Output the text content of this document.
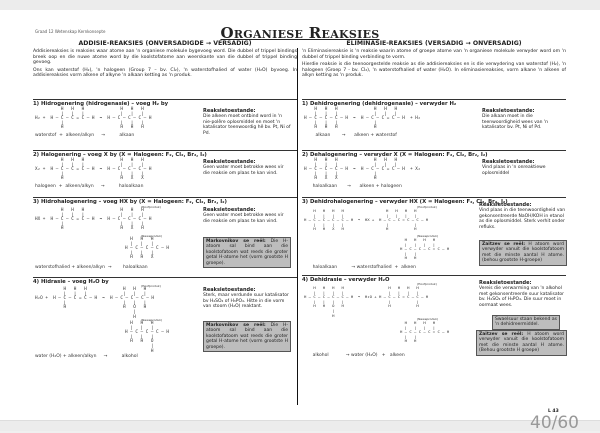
Graad 12 Wetenskap Kernkonsepte	Organiese Reaksies
ADDISIE-REAKSIES (ONVERSADIGDE → VERSADIG)

Addisiereaksies is reaksies waar atome aan 'n organiese molekule bygevoeg word. Die dubbel of trippel bindings breek oop en die nuwe atome word by die koolstofatome aan weerskante van die dubbel of trippel binding gevoeg.

Ons kan waterstof (H₂), 'n halogeen (Group 7 – bv. Cl₂), 'n waterstofhalied of water (H₂O) byvoeg. In addisiereaksies vorm alkene of alkyne 'n alkaan ketting as 'n produk.

1) Hidrogenering (hidrogenasie) – voeg H₂ by
H   H   H              H   H   H
|   |   |              |   |   |
H₂ +  H – C – C = C – H  ➡  H – C – C – C – H
|                      |   |   |
H                      H   H   H
waterstof  +  alkeen/alkyn     →          alkaan
Reaksietoestande:
Die alkeen moet ontbind word in 'n nie-polêre oplosmiddel en moet 'n katalisator teenwoordig hê bv. Pt, Ni of Pd.
2) Halogenering – voeg X by (X = Halogeen: F₂, Cl₂, Br₂, I₂)
H   H   H              H   H   H
|   |   |              |   |   |
X₂ +  H – C – C = C – H  ➡  H – C – C – C – H
|                      |   |   |
H                      H   X   X
halogeen  +  alkeen/alkyn     →          haloalkaan
Reaksietoestande:
Geen water moet betrokke wees vir die reaksie om plaas te kan vind.
3) Hidrohalogenering – voeg HX by (X = Halogeen: F₂, Cl₂, Br₂, I₂)
(Hoofproduk)
H   H   H              H   H   H
|   |   |              |   |   |
HX +  H – C – C = C – H  ➡  H – C – C – C – H
|                      |   |   |
H                      H   X   H
(Neweproduk)
H   H   H
|   |   |
H – C – C – C – H
|   |   |
H   H   X
waterstofhalied + alkeen/alkyn  →        haloalkaan
Reaksietoestande:
Geen water moet betrokke wees vir die reaksie om plaas te kan vind.
Markovnikov se reël: Die H-atoom sal bind aan die koolstofatoom wat reeds die groter getal H-atome het (vorm grootste H groepe).
4) Hidrasie – voeg H₂O by
(Hoofproduk)
H   H   H              H   H   H
|   |   |              |   |   |
H₂O +  H – C – C = C – H  ➡  H – C – C – C – H
|                      |   |   |
H                      H   O   H
|
H
(Newеproduk)
H   H   H
|   |   |
H – C – C – C – H
|   |   |
H   H   O
|
H
water (H₂O) + alkeen/alkyn     →          alkohol
Reaksietoestande:
Sterk, maar verdunde suur katalisator bv H₂SO₄ of H₃PO₄. Hitte in die vorm van stoom (H₂O) reaktant.
Markovnikov se reël: Die H-atoom sal bind aan die koolstofatoom wat reeds die groter getal H-atome het (vorm grootste H groepe).
ELIMINASIE-REAKSIES (VERSADIG → ONVERSADIG)

'n Eliminasiereaksie is 'n reaksie waarin atome of groepe atome van 'n organiese molekule verwyder word om 'n dubbel of trippel binding verbinding te vorm.

Hierdie reaksie is die teenoorgestelde reaksie as die addisiereaksies en is die verwydering van waterstof (H₂), 'n halogeen (Groep 7 - bv. Cl₂), 'n waterstofhalied of water (H₂O). In eliminasiereaksies, vorm alkane 'n alkeen of alkyn ketting as 'n produk.

1) Dehidrogenering (dehidrogenasie) – verwyder H₂
H   H   H              H   H   H
|   |   |              |   |   |
H – C – C – C – H  ➡  H – C – C = C – H  + H₂
|   |   |              |
H   H   H              H
alkaan        →      alkeen + waterstof
Reaksietoestande:
Die alkaan moet in die teenwoordigheid wees van 'n katalisator bv. Pt, Ni of Pd.
2) Dehalogenering – verwyder X (X = Halogeen: F₂, Cl₂, Br₂, I₂)
H   H   H              H   H   H
|   |   |              |   |   |
H – C – C – C – H  ➡  H – C – C = C – H  + X₂
|   |   |              |
H   X   X              H
haloalkaan       →      alkeen + halogeen
Reaksietoestande:
Vind plaas in 'n onreaktiewe oplosmiddel
3) Dehidrohalogenering – verwyder HX (X = Halogeen: F₂, Cl₂, Br₂, I₂)
(Hoofproduk)
H   H   H   H                  H   H   H   H
|   |   |   |                  |   |   |   |
H – C – C – C – C – H  ➡  HX +  H – C – C = C – C – H
|   |   |   |                  |           |
H   H   X   H                  H           H
(Neweproduk)
H   H   H   H
|   |   |   |
H – C – C – C = C – H
|   |
H   H
haloalkaan          → waterstofhalied  +  alkeen
Reaksietoestande:
Vind plaas in die teenwoordigheid van gekonsentreerde NaOH/KOH in etanol as die oplosmiddel. Sterk verhit onder refluks.
Zaitzev se reël: H atoom word verwyder vanuit die koolstofatoom met die minste aantal H atome. (behou grootste H-groepe)
4) Dehidrasie – verwyder H₂O
(Hoofproduk)
H   H   H   H                   H   H   H   H
|   |   |   |                   |   |   |   |
H – C – C – C – C – H  ➡  H₂O + H – C – C = C – C – H
|   |   |   |                   |           |
H   H   O   H                   H           H
|
H
(Neweproduk)
H   H   H   H
|   |   |   |
H – C – C – C = C – H
|   |
H   H
alkohol            → water (H₂O)   +   alkeen
Reaksietoestande:
Vereis die verwarming van 'n alkohol met gekonsentreerde suur katalisator bv. H₂SO₄ of H₃PO₄. Die suur moet in oormaat wees.
Swaelsuur staan bekend as 'n dehidreermiddel.
Zaitzev se reël: H atoom word verwyder vanuit die koolstofatoom met die minste aantal H atome. (Behou grootste H groepe)
L 43
40/60
